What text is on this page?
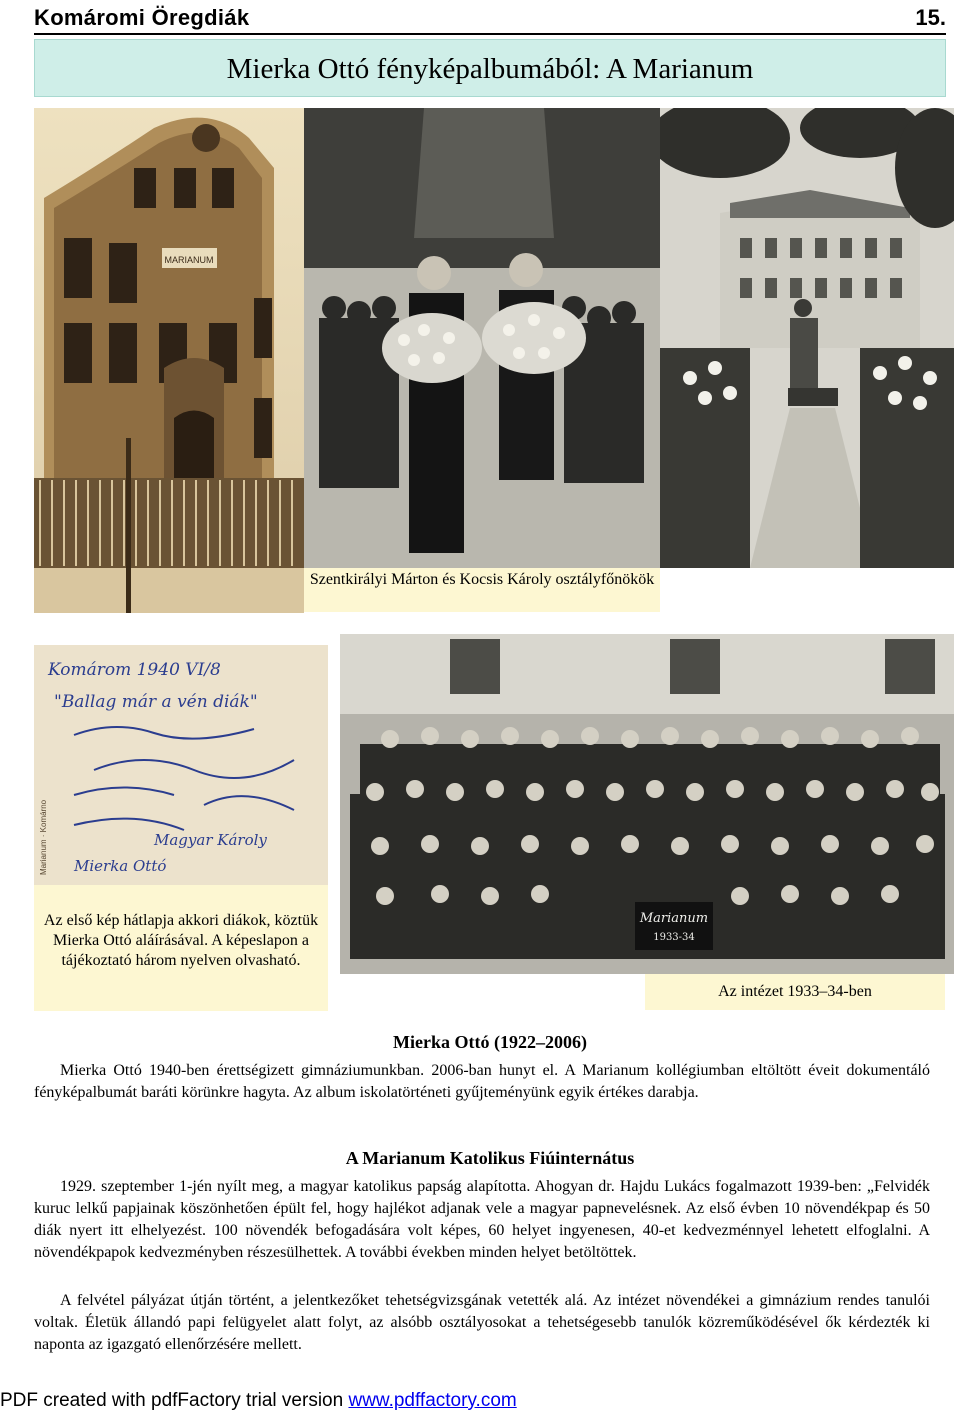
Komáromi Öregdiák	15.
Mierka Ottó fényképalbumából: A Marianum
MARIANUM
Szentkirályi Márton és Kocsis Károly osztályfőnökök
Komárom 1940 VI/8
"Ballag már a vén diák"
Magyar Károly
Mierka Ottó
Marianum · Komárno
Az első kép hátlapja akkori diákok, köztük Mierka Ottó aláírásával. A képeslapon a tájékoztató három nyelven olvasható.
Marianum
1933-34
Az intézet 1933–34-ben
Mierka Ottó (1922–2006)

Mierka Ottó 1940-ben érettségizett gimnáziumunkban. 2006-ban hunyt el. A Marianum kollégiumban eltöltött éveit dokumentáló fényképalbumát baráti körünkre hagyta. Az album iskolatörténeti gyűjteményünk egyik értékes darabja.

A Marianum Katolikus Fiúinternátus

1929. szeptember 1-jén nyílt meg, a magyar katolikus papság alapította. Ahogyan dr. Hajdu Lukács fogalmazott 1939-ben: „Felvidék kuruc lelkű papjainak köszönhetően épült fel, hogy hajlékot adjanak vele a magyar papnevelésnek. Az első évben 10 növendékpap és 50 diák nyert itt elhelyezést. 100 növendék befogadására volt képes, 60 helyet ingyenesen, 40-et kedvezménnyel lehetett elfoglalni. A növendékpapok kedvezményben részesülhettek. A további években minden helyet betöltöttek.

A felvétel pályázat útján történt, a jelentkezőket tehetségvizsgának vetették alá. Az intézet növendékei a gimnázium rendes tanulói voltak. Életük állandó papi felügyelet alatt folyt, az alsóbb osztályosokat a tehetségesebb tanulók közreműködésével ők kérdezték ki naponta az igazgató ellenőrzésére mellett.

PDF created with pdfFactory trial version www.pdffactory.com
